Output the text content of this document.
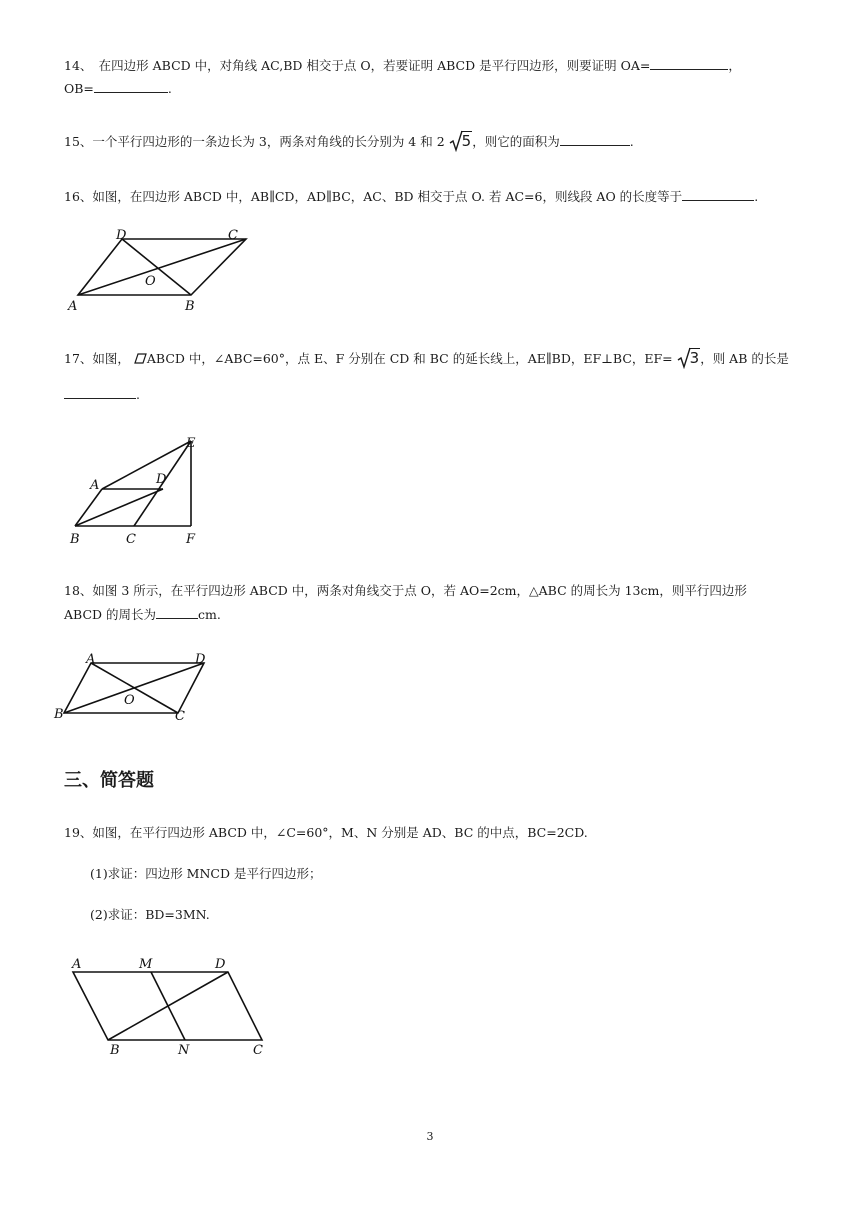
14、　在四边形 ABCD 中，对角线 AC,BD 相交于点 O，若要证明 ABCD 是平行四边形，则要证明 OA=	，
OB=	.
15、一个平行四边形的一条边长为 3，两条对角线的长分别为 4 和 2 5，则它的面积为	.
16、如图，在四边形 ABCD 中，AB∥CD，AD∥BC，AC、BD 相交于点 O. 若 AC=6，则线段 AO 的长度等于	.
A	B
C
D
O
17、如图， ABCD 中，∠ABC=60°，点 E、F 分别在 CD 和 BC 的延长线上，AE∥BD，EF⊥BC，EF= 3，则 AB 的长是
.
A
B	C
D
E
F
18、如图 3 所示，在平行四边形 ABCD 中，两条对角线交于点 O，若 AO=2cm，△ABC 的周长为 13cm，则平行四边形
ABCD 的周长为	cm.
A
B	C
D
O
三、简答题
19、如图，在平行四边形 ABCD 中，∠C=60°，M、N 分别是 AD、BC 的中点，BC=2CD.
(1)求证：四边形 MNCD 是平行四边形；
(2)求证：BD=3MN.
A	M	D
B	N	C
3
